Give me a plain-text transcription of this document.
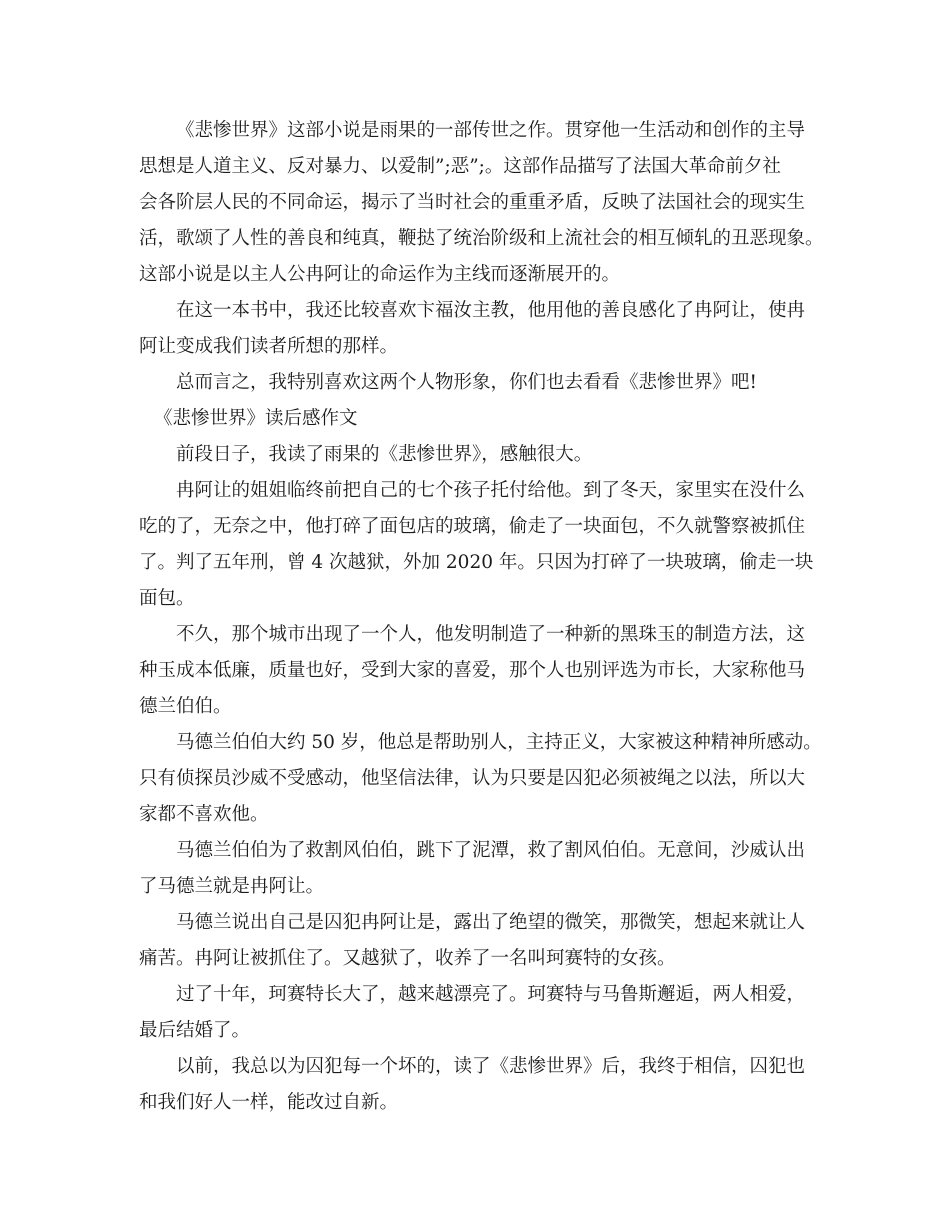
《悲惨世界》这部小说是雨果的一部传世之作。贯穿他一生活动和创作的主导
思想是人道主义、反对暴力、以爱制”;恶”;。这部作品描写了法国大革命前夕社
会各阶层人民的不同命运，揭示了当时社会的重重矛盾，反映了法国社会的现实生
活，歌颂了人性的善良和纯真，鞭挞了统治阶级和上流社会的相互倾轧的丑恶现象。
这部小说是以主人公冉阿让的命运作为主线而逐渐展开的。
在这一本书中，我还比较喜欢卞福汝主教，他用他的善良感化了冉阿让，使冉
阿让变成我们读者所想的那样。
总而言之，我特别喜欢这两个人物形象，你们也去看看《悲惨世界》吧!
《悲惨世界》读后感作文
前段日子，我读了雨果的《悲惨世界》，感触很大。
冉阿让的姐姐临终前把自己的七个孩子托付给他。到了冬天，家里实在没什么
吃的了，无奈之中，他打碎了面包店的玻璃，偷走了一块面包，不久就警察被抓住
了。判了五年刑，曾 4 次越狱，外加 2020 年。只因为打碎了一块玻璃，偷走一块
面包。
不久，那个城市出现了一个人，他发明制造了一种新的黑珠玉的制造方法，这
种玉成本低廉，质量也好，受到大家的喜爱，那个人也别评选为市长，大家称他马
德兰伯伯。
马德兰伯伯大约 50 岁，他总是帮助别人，主持正义，大家被这种精神所感动。
只有侦探员沙威不受感动，他坚信法律，认为只要是囚犯必须被绳之以法，所以大
家都不喜欢他。
马德兰伯伯为了救割风伯伯，跳下了泥潭，救了割风伯伯。无意间，沙威认出
了马德兰就是冉阿让。
马德兰说出自己是囚犯冉阿让是，露出了绝望的微笑，那微笑，想起来就让人
痛苦。冉阿让被抓住了。又越狱了，收养了一名叫珂赛特的女孩。
过了十年，珂赛特长大了，越来越漂亮了。珂赛特与马鲁斯邂逅，两人相爱，
最后结婚了。
以前，我总以为囚犯每一个坏的，读了《悲惨世界》后，我终于相信，囚犯也
和我们好人一样，能改过自新。
